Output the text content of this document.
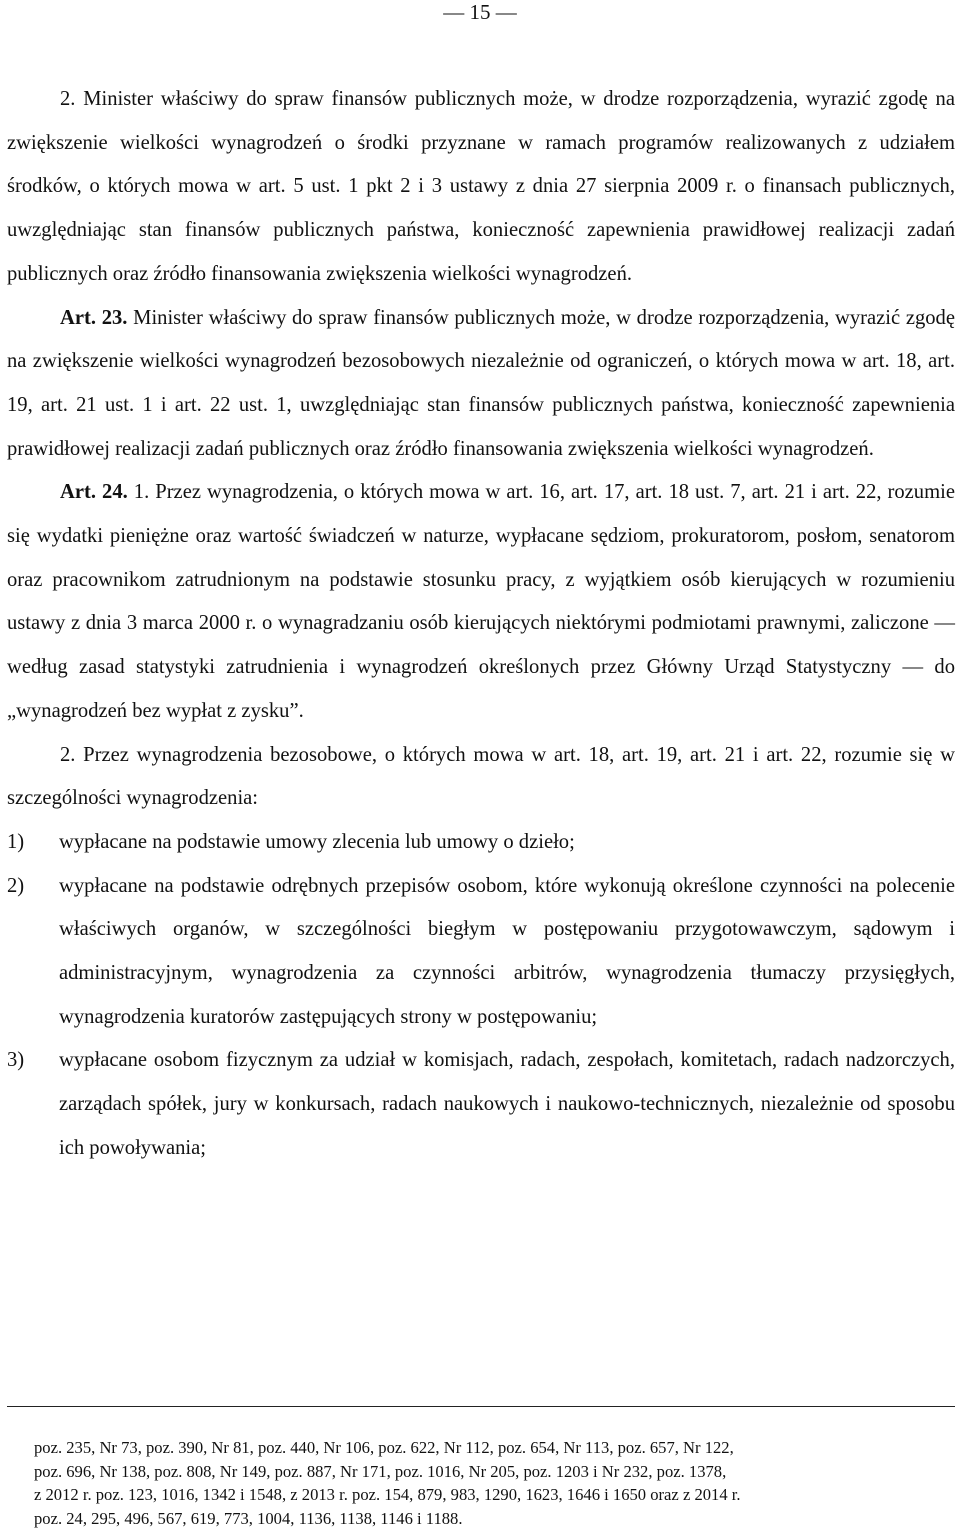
— 15 —

2. Minister właściwy do spraw finansów publicznych może, w drodze rozporządzenia, wyrazić zgodę na zwiększenie wielkości wynagrodzeń o środki przyznane w ramach programów realizowanych z udziałem środków, o których mowa w art. 5 ust. 1 pkt 2 i 3 ustawy z dnia 27 sierpnia 2009 r. o finansach publicznych, uwzględniając stan finansów publicznych państwa, konieczność zapewnienia prawidłowej realizacji zadań publicznych oraz źródło finansowania zwiększenia wielkości wynagrodzeń.

Art. 23. Minister właściwy do spraw finansów publicznych może, w drodze rozporządzenia, wyrazić zgodę na zwiększenie wielkości wynagrodzeń bezosobowych niezależnie od ograniczeń, o których mowa w art. 18, art. 19, art. 21 ust. 1 i art. 22 ust. 1, uwzględniając stan finansów publicznych państwa, konieczność zapewnienia prawidłowej realizacji zadań publicznych oraz źródło finansowania zwiększenia wielkości wynagrodzeń.

Art. 24. 1. Przez wynagrodzenia, o których mowa w art. 16, art. 17, art. 18 ust. 7, art. 21 i art. 22, rozumie się wydatki pieniężne oraz wartość świadczeń w naturze, wypłacane sędziom, prokuratorom, posłom, senatorom oraz pracownikom zatrudnionym na podstawie stosunku pracy, z wyjątkiem osób kierujących w rozumieniu ustawy z dnia 3 marca 2000 r. o wynagradzaniu osób kierujących niektórymi podmiotami prawnymi, zaliczone — według zasad statystyki zatrudnienia i wynagrodzeń określonych przez Główny Urząd Statystyczny — do „wynagrodzeń bez wypłat z zysku”.

2. Przez wynagrodzenia bezosobowe, o których mowa w art. 18, art. 19, art. 21 i art. 22, rozumie się w szczególności wynagrodzenia:

1) wypłacane na podstawie umowy zlecenia lub umowy o dzieło;

2) wypłacane na podstawie odrębnych przepisów osobom, które wykonują określone czynności na polecenie właściwych organów, w szczególności biegłym w postępowaniu przygotowawczym, sądowym i administracyjnym, wynagrodzenia za czynności arbitrów, wynagrodzenia tłumaczy przysięgłych, wynagrodzenia kuratorów zastępujących strony w postępowaniu;

3) wypłacane osobom fizycznym za udział w komisjach, radach, zespołach, komitetach, radach nadzorczych, zarządach spółek, jury w konkursach, radach naukowych i naukowo-technicznych, niezależnie od sposobu ich powoływania;

poz. 235, Nr 73, poz. 390, Nr 81, poz. 440, Nr 106, poz. 622, Nr 112, poz. 654, Nr 113, poz. 657, Nr 122,

poz. 696, Nr 138, poz. 808, Nr 149, poz. 887, Nr 171, poz. 1016, Nr 205, poz. 1203 i Nr 232, poz. 1378,

z 2012 r. poz. 123, 1016, 1342 i 1548, z 2013 r. poz. 154, 879, 983, 1290, 1623, 1646 i 1650 oraz z 2014 r.

poz. 24, 295, 496, 567, 619, 773, 1004, 1136, 1138, 1146 i 1188.
